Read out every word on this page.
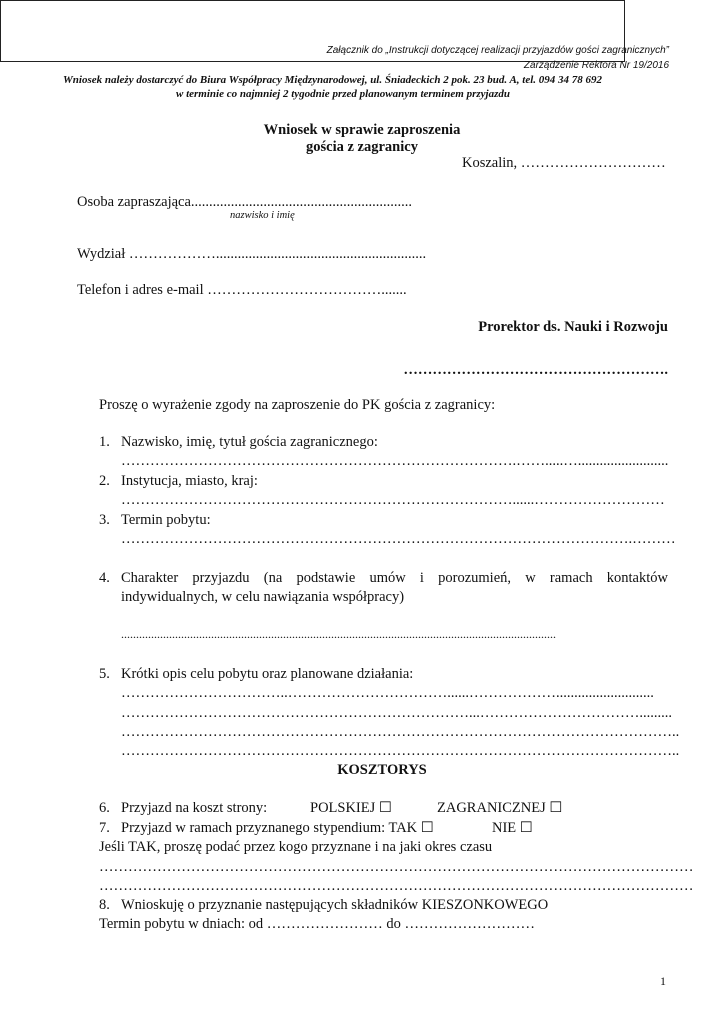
Załącznik do „Instrukcji dotyczącej realizacji przyjazdów gości zagranicznych”
Zarządzenie Rektora Nr 19/2016
Wniosek należy dostarczyć do Biura Współpracy Międzynarodowej, ul. Śniadeckich 2 pok. 23 bud. A, tel. 094 34 78 692
w terminie co najmniej 2 tygodnie przed planowanym terminem przyjazdu
Wniosek w sprawie zaproszenia
gościa z zagranicy
Koszalin, …………………………
Osoba zapraszająca.............................................................
nazwisko i imię
Wydział ………………..........................................................
Telefon i adres e-mail ……………………………….......
Prorektor ds. Nauki i Rozwoju
……………………………………………….
Proszę o wyrażenie zgody na zaproszenie do PK gościa z zagranicy:
1. Nazwisko, imię, tytuł gościa zagranicznego:
……………………………………………………………………….…….....….........................
2. Instytucja, miasto, kraj:
………………………………………………………………………......………………………
3. Termin pobytu:
…………………………………………………………………………………………….………
4. Charakter przyjazdu (na podstawie umów i porozumień, w ramach kontaktów
indywidualnych, w celu nawiązania współpracy)
.................................................................................................................................................
5. Krótki opis celu pobytu oraz planowane działania:
……………………………..……………………………......………………...........................
………………………………………………………………...…………………………….........
……………………………………………………………………………………………………..
……………………………………………………………………………………………………..
KOSZTORYS
6. Przyjazd na koszt strony:	POLSKIEJ ☐	ZAGRANICZNEJ ☐
7. Przyjazd w ramach przyznanego stypendium: TAK ☐	NIE ☐
Jeśli TAK, proszę podać przez kogo przyznane i na jaki okres czasu
……………………………………………………………………………………………………………
……………………………………………………………………………………………………………
8. Wnioskuję o przyznanie następujących składników KIESZONKOWEGO
Termin pobytu w dniach: od …………………… do ………………………
1
